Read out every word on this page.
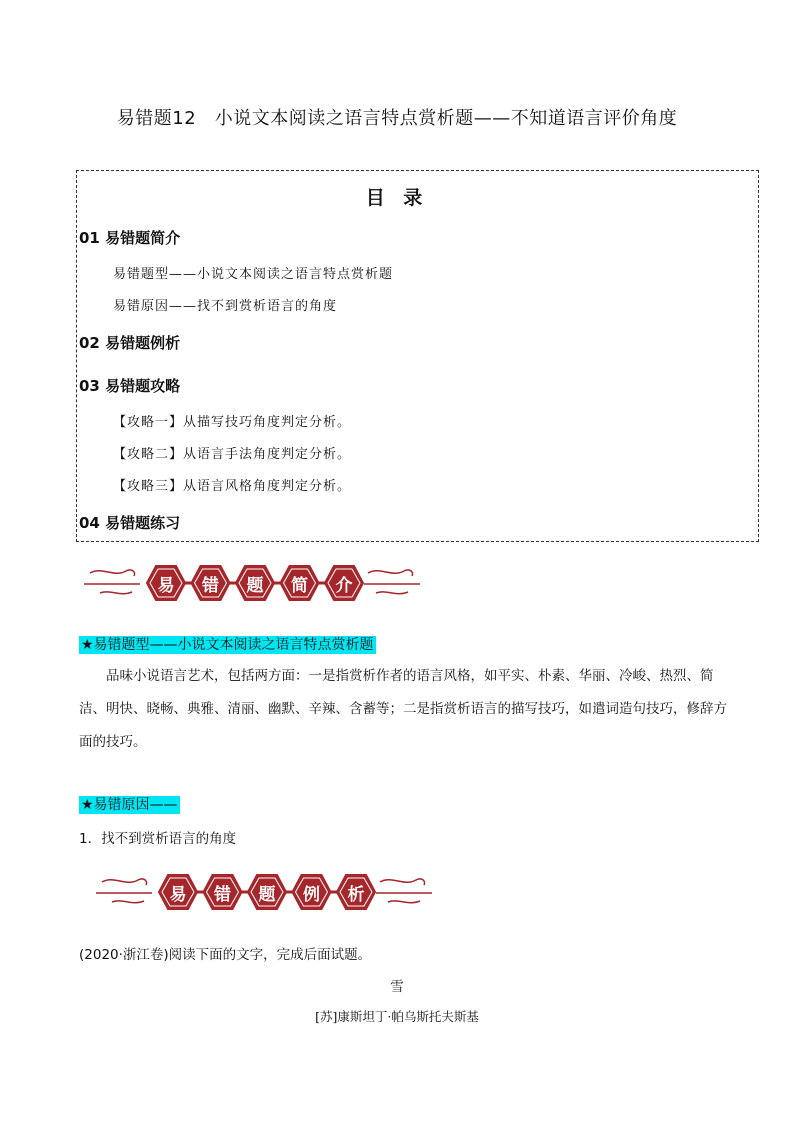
易错题12　小说文本阅读之语言特点赏析题——不知道语言评价角度
目 录
01 易错题简介
易错题型——小说文本阅读之语言特点赏析题
易错原因——找不到赏析语言的角度
02 易错题例析
03 易错题攻略
【攻略一】从描写技巧角度判定分析。
【攻略二】从语言手法角度判定分析。
【攻略三】从语言风格角度判定分析。
04 易错题练习
易	错	题	简	介
★易错题型——小说文本阅读之语言特点赏析题
品味小说语言艺术，包括两方面：一是指赏析作者的语言风格，如平实、朴素、华丽、冷峻、热烈、简洁、明快、晓畅、典雅、清丽、幽默、辛辣、含蓄等；二是指赏析语言的描写技巧，如遣词造句技巧，修辞方面的技巧。
★易错原因——
1．找不到赏析语言的角度
易	错	题	例	析
(2020·浙江卷)阅读下面的文字，完成后面试题。
雪
[苏]康斯坦丁·帕乌斯托夫斯基
